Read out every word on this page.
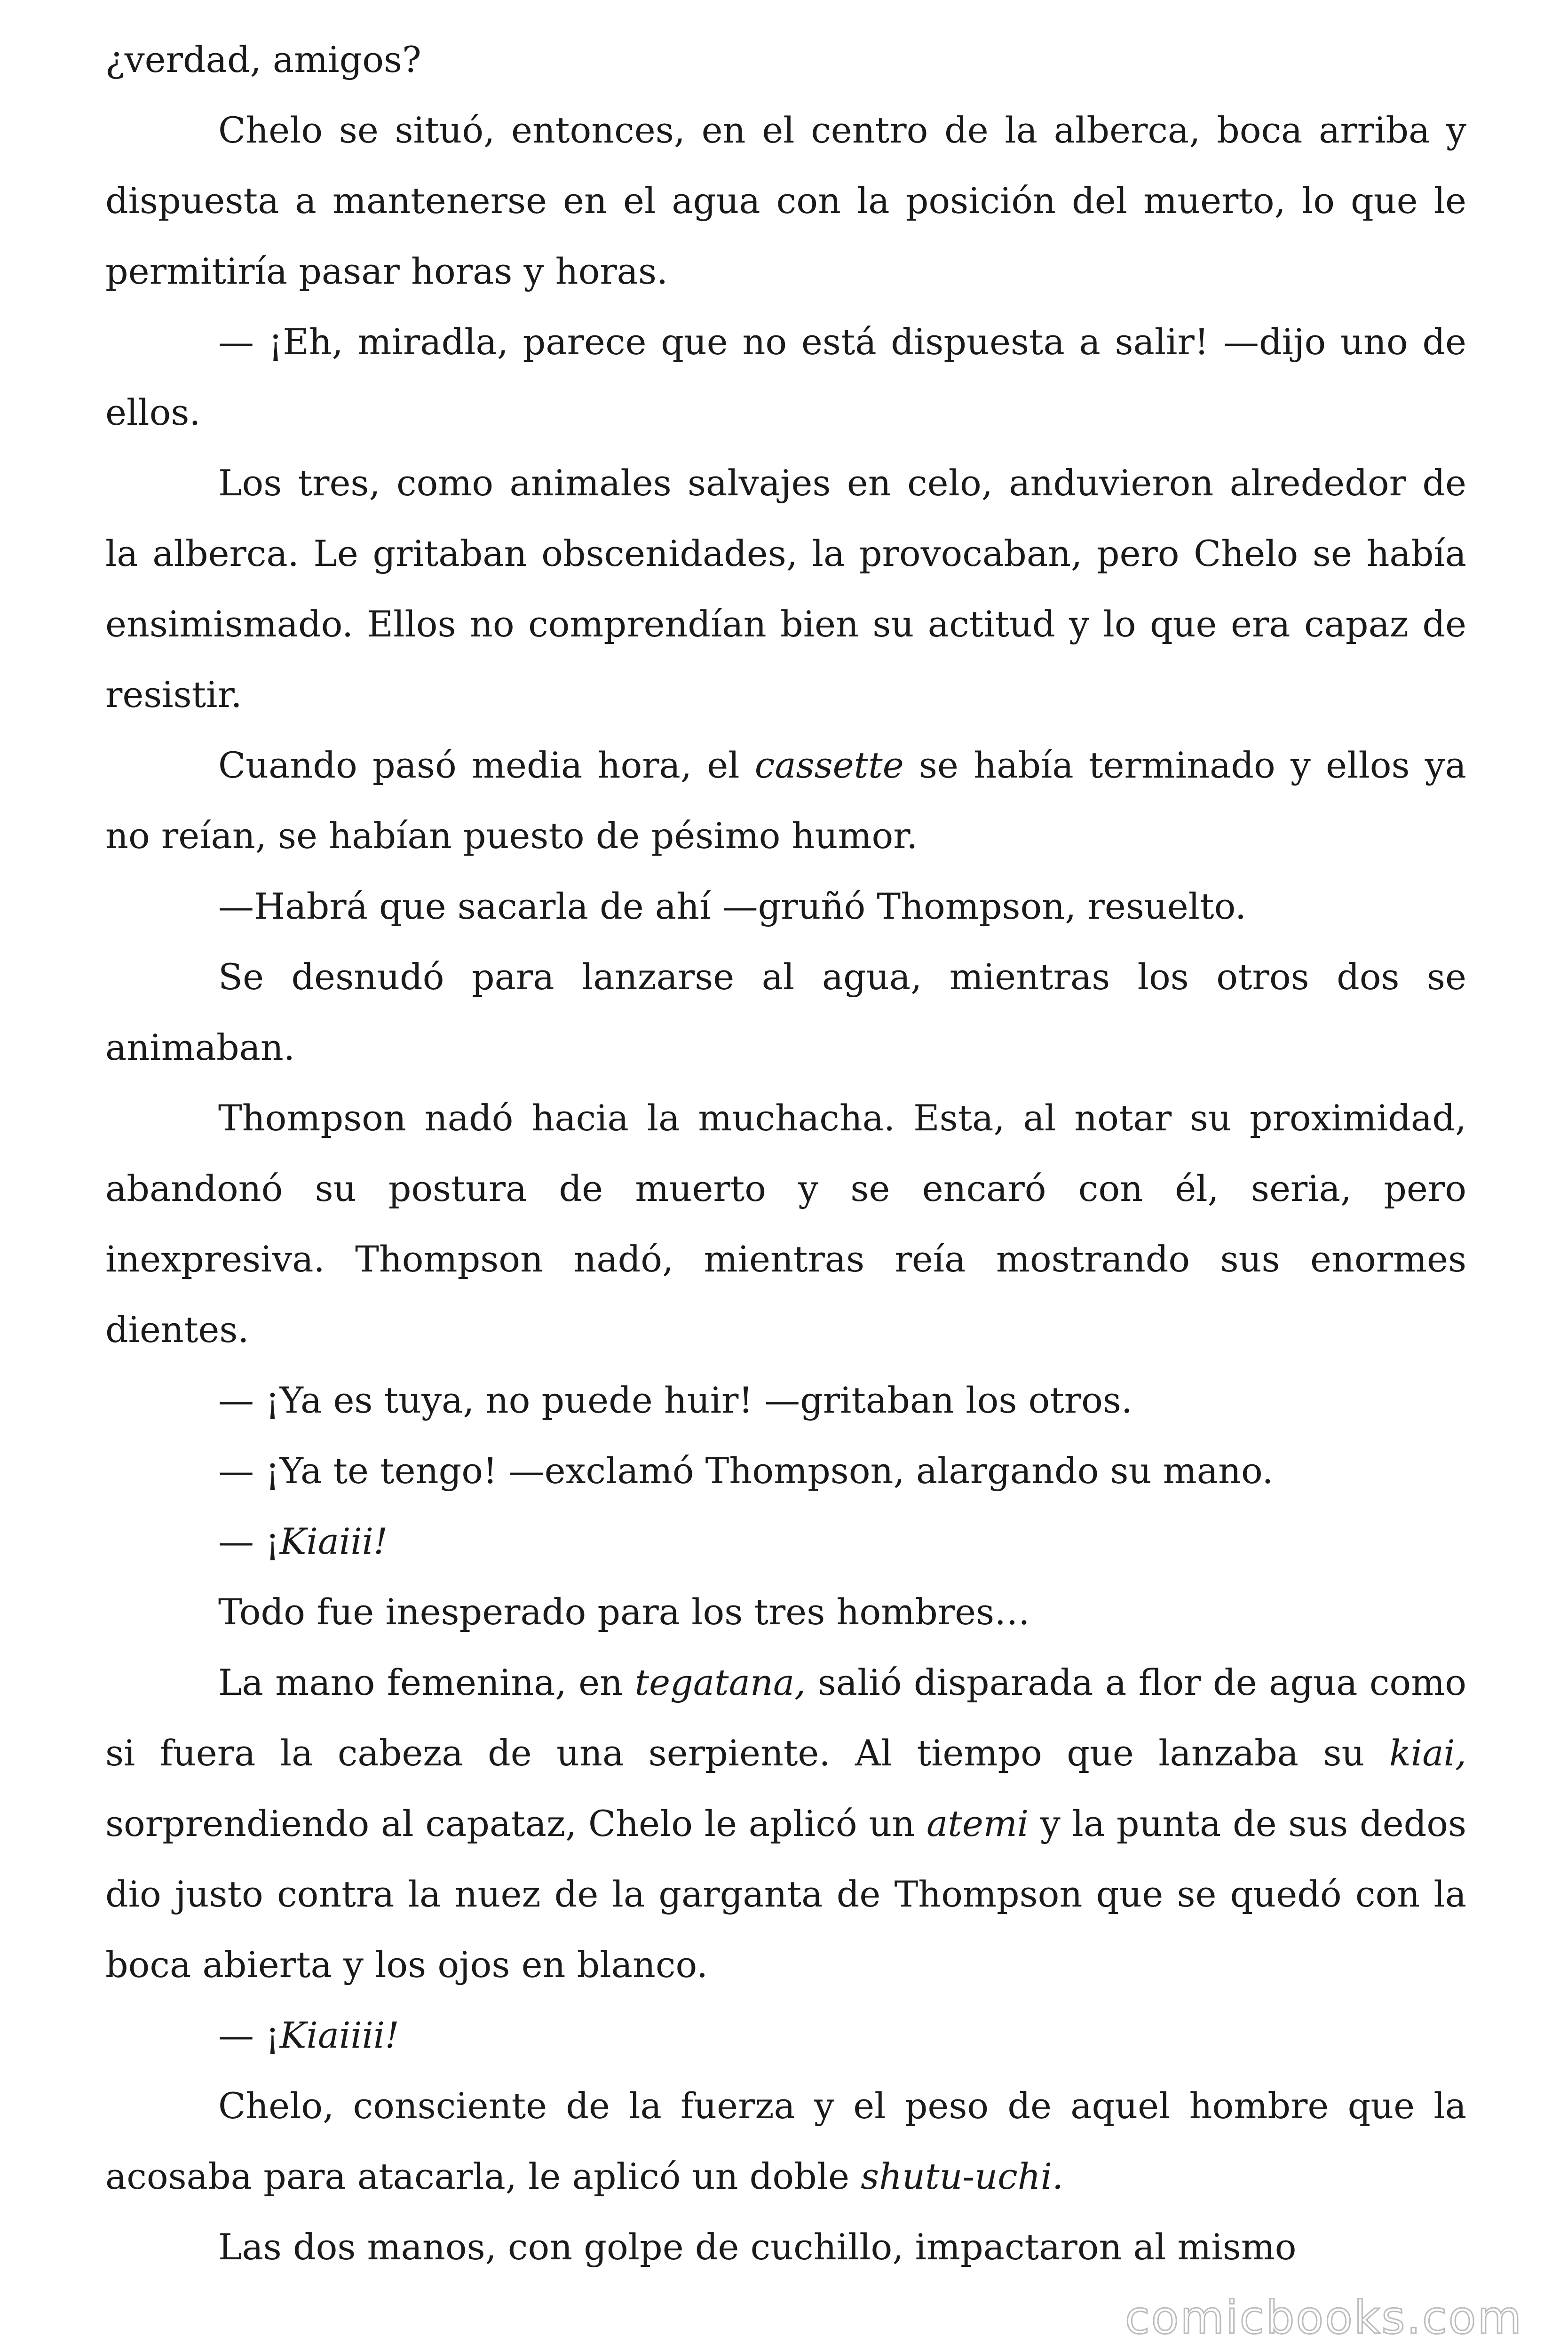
¿verdad, amigos?

Chelo se situó, entonces, en el centro de la alberca, boca arriba y dispuesta a mantenerse en el agua con la posición del muerto, lo que le permitiría pasar horas y horas.

— ¡Eh, miradla, parece que no está dispuesta a salir! —dijo uno de ellos.

Los tres, como animales salvajes en celo, anduvieron alrededor de la alberca. Le gritaban obscenidades, la provocaban, pero Chelo se había ensimismado. Ellos no comprendían bien su actitud y lo que era capaz de resistir.

Cuando pasó media hora, el cassette se había terminado y ellos ya no reían, se habían puesto de pésimo humor.

—Habrá que sacarla de ahí —gruñó Thompson, resuelto.

Se desnudó para lanzarse al agua, mientras los otros dos se animaban.

Thompson nadó hacia la muchacha. Esta, al notar su proximidad, abandonó su postura de muerto y se encaró con él, seria, pero inexpresiva. Thompson nadó, mientras reía mostrando sus enormes dientes.

— ¡Ya es tuya, no puede huir! —gritaban los otros.

— ¡Ya te tengo! —exclamó Thompson, alargando su mano.

— ¡Kiaiii!

Todo fue inesperado para los tres hombres…

La mano femenina, en tegatana, salió disparada a flor de agua como si fuera la cabeza de una serpiente. Al tiempo que lanzaba su kiai, sorprendiendo al capataz, Chelo le aplicó un atemi y la punta de sus dedos dio justo contra la nuez de la garganta de Thompson que se quedó con la boca abierta y los ojos en blanco.

— ¡Kiaiiii!

Chelo, consciente de la fuerza y el peso de aquel hombre que la acosaba para atacarla, le aplicó un doble shutu-uchi.

Las dos manos, con golpe de cuchillo, impactaron al mismo

comicbooks.com
